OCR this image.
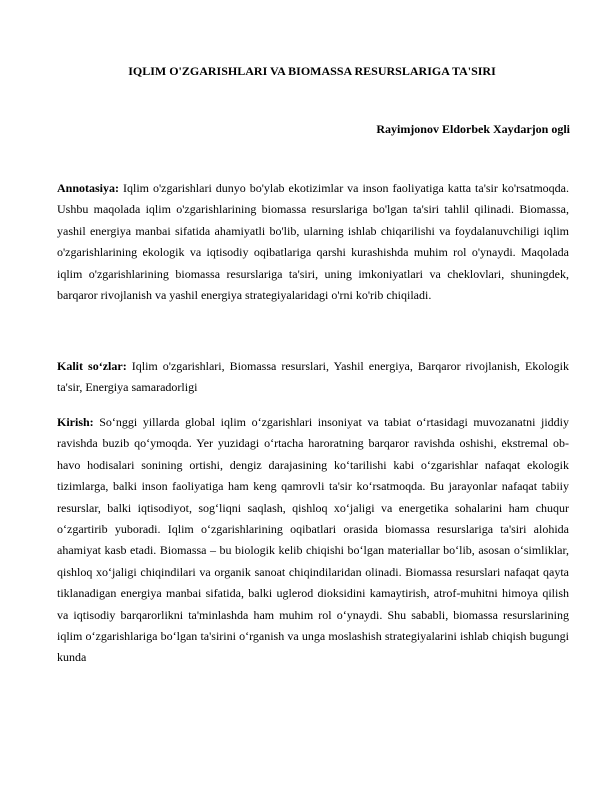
IQLIM O'ZGARISHLARI VA BIOMASSA RESURSLARIGA TA'SIRI
Rayimjonov Eldorbek Xaydarjon ogli

Annotasiya: Iqlim o'zgarishlari dunyo bo'ylab ekotizimlar va inson faoliyatiga katta ta'sir ko'rsatmoqda. Ushbu maqolada iqlim o'zgarishlarining biomassa resurslariga bo'lgan ta'siri tahlil qilinadi. Biomassa, yashil energiya manbai sifatida ahamiyatli bo'lib, ularning ishlab chiqarilishi va foydalanuvchiligi iqlim o'zgarishlarining ekologik va iqtisodiy oqibatlariga qarshi kurashishda muhim rol o'ynaydi. Maqolada iqlim o'zgarishlarining biomassa resurslariga ta'siri, uning imkoniyatlari va cheklovlari, shuningdek, barqaror rivojlanish va yashil energiya strategiyalaridagi o'rni ko'rib chiqiladi.

Kalit so‘zlar: Iqlim o'zgarishlari, Biomassa resurslari, Yashil energiya, Barqaror rivojlanish, Ekologik ta'sir, Energiya samaradorligi

Kirish: So‘nggi yillarda global iqlim o‘zgarishlari insoniyat va tabiat o‘rtasidagi muvozanatni jiddiy ravishda buzib qo‘ymoqda. Yer yuzidagi o‘rtacha haroratning barqaror ravishda oshishi, ekstremal ob-havo hodisalari sonining ortishi, dengiz darajasining ko‘tarilishi kabi o‘zgarishlar nafaqat ekologik tizimlarga, balki inson faoliyatiga ham keng qamrovli ta'sir ko‘rsatmoqda. Bu jarayonlar nafaqat tabiiy resurslar, balki iqtisodiyot, sog‘liqni saqlash, qishloq xo‘jaligi va energetika sohalarini ham chuqur o‘zgartirib yuboradi. Iqlim o‘zgarishlarining oqibatlari orasida biomassa resurslariga ta'siri alohida ahamiyat kasb etadi. Biomassa – bu biologik kelib chiqishi bo‘lgan materiallar bo‘lib, asosan o‘simliklar, qishloq xo‘jaligi chiqindilari va organik sanoat chiqindilaridan olinadi. Biomassa resurslari nafaqat qayta tiklanadigan energiya manbai sifatida, balki uglerod dioksidini kamaytirish, atrof-muhitni himoya qilish va iqtisodiy barqarorlikni ta'minlashda ham muhim rol o‘ynaydi. Shu sababli, biomassa resurslarining iqlim o‘zgarishlariga bo‘lgan ta'sirini o‘rganish va unga moslashish strategiyalarini ishlab chiqish bugungi kunda
